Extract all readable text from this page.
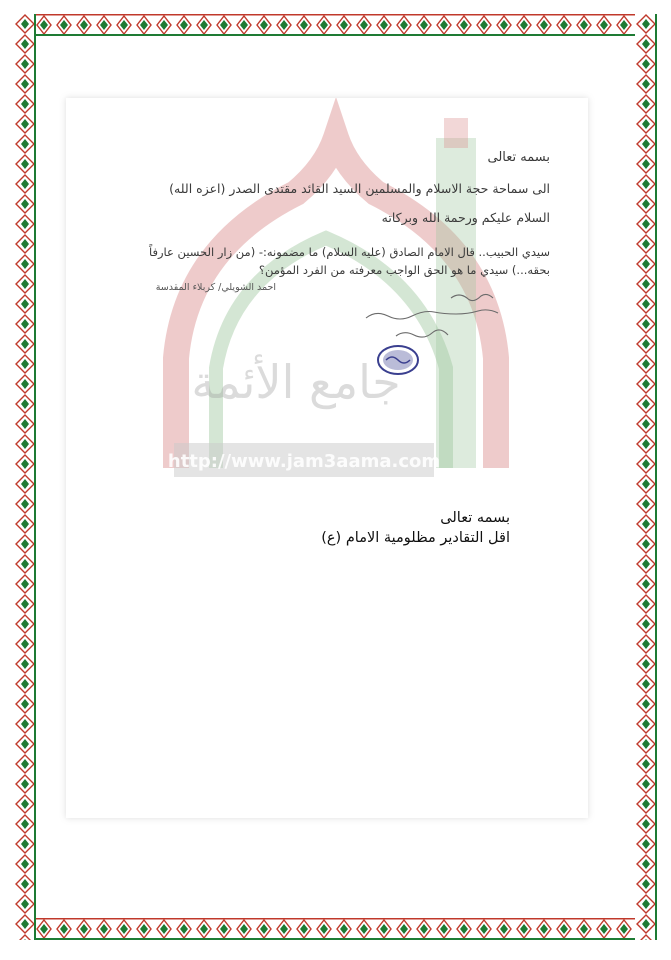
http://www.jam3aama.com
جامع الأئمة
بسمه تعالى
الى سماحة حجة الاسلام والمسلمين السيد القائد مقتدى الصدر (اعزه الله)
السلام عليكم ورحمة الله وبركاته
سيدي الحبيب.. قال الامام الصادق (عليه السلام) ما مضمونه:- (من زار الحسين عارفاً بحقه...) سيدي ما هو الحق الواجب معرفته من الفرد المؤمن؟
احمد الشويلي/ كربلاء المقدسة
بسمه تعالى
اقل التقادير مظلومية الامام (ع)
